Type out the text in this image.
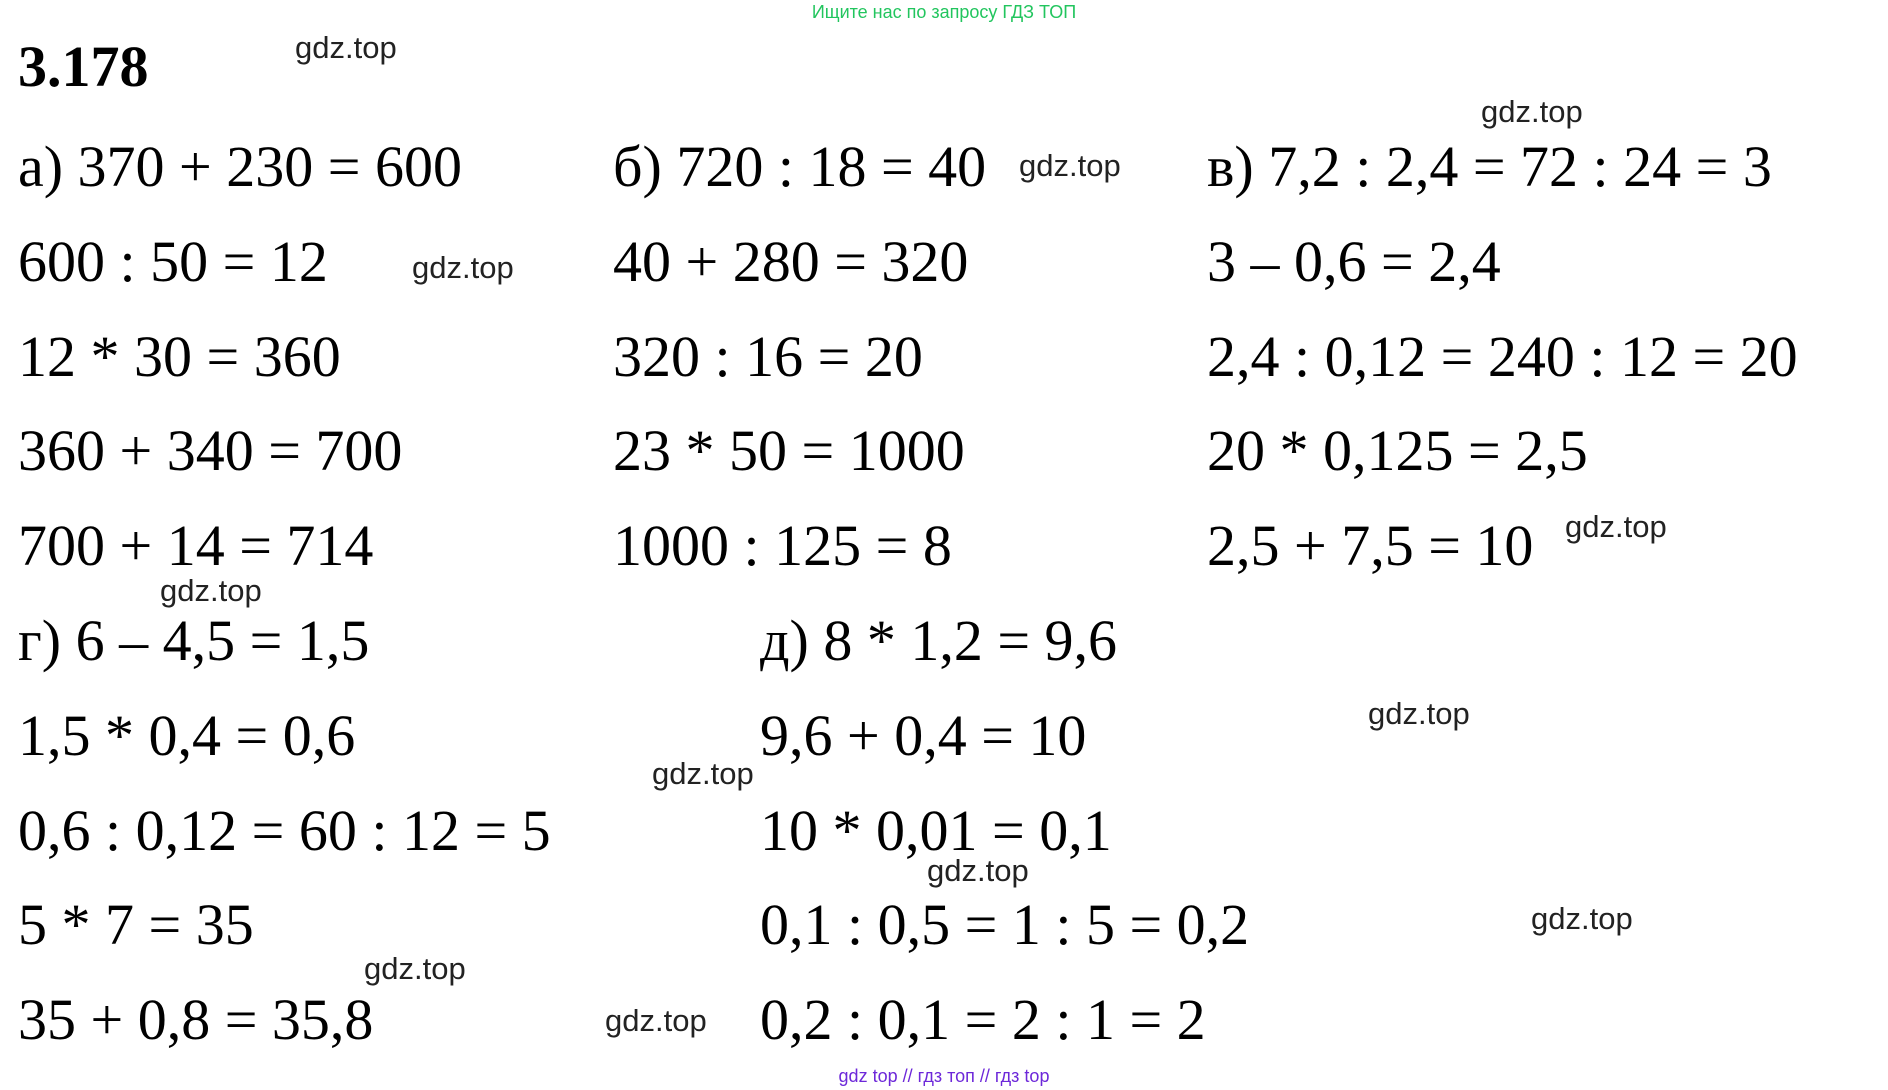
Ищите нас по запросу ГДЗ ТОП
3.178
а) 370 + 230 = 600
600 : 50 = 12
12 * 30 = 360
360 + 340 = 700
700 + 14 = 714
б) 720 : 18 = 40
40 + 280 = 320
320 : 16 = 20
23 * 50 = 1000
1000 : 125 = 8
в) 7,2 : 2,4 = 72 : 24 = 3
3 – 0,6 = 2,4
2,4 : 0,12 = 240 : 12 = 20
20 * 0,125 = 2,5
2,5 + 7,5 = 10
г) 6 – 4,5 = 1,5
1,5 * 0,4 = 0,6
0,6 : 0,12 = 60 : 12 = 5
5 * 7 = 35
35 + 0,8 = 35,8
д) 8 * 1,2 = 9,6
9,6 + 0,4 = 10
10 * 0,01 = 0,1
0,1 : 0,5 = 1 : 5 = 0,2
0,2 : 0,1 = 2 : 1 = 2
gdz.top
gdz.top
gdz.top
gdz.top
gdz.top
gdz.top
gdz.top
gdz.top
gdz.top
gdz.top
gdz.top
gdz.top
gdz top // гдз топ // гдз top
